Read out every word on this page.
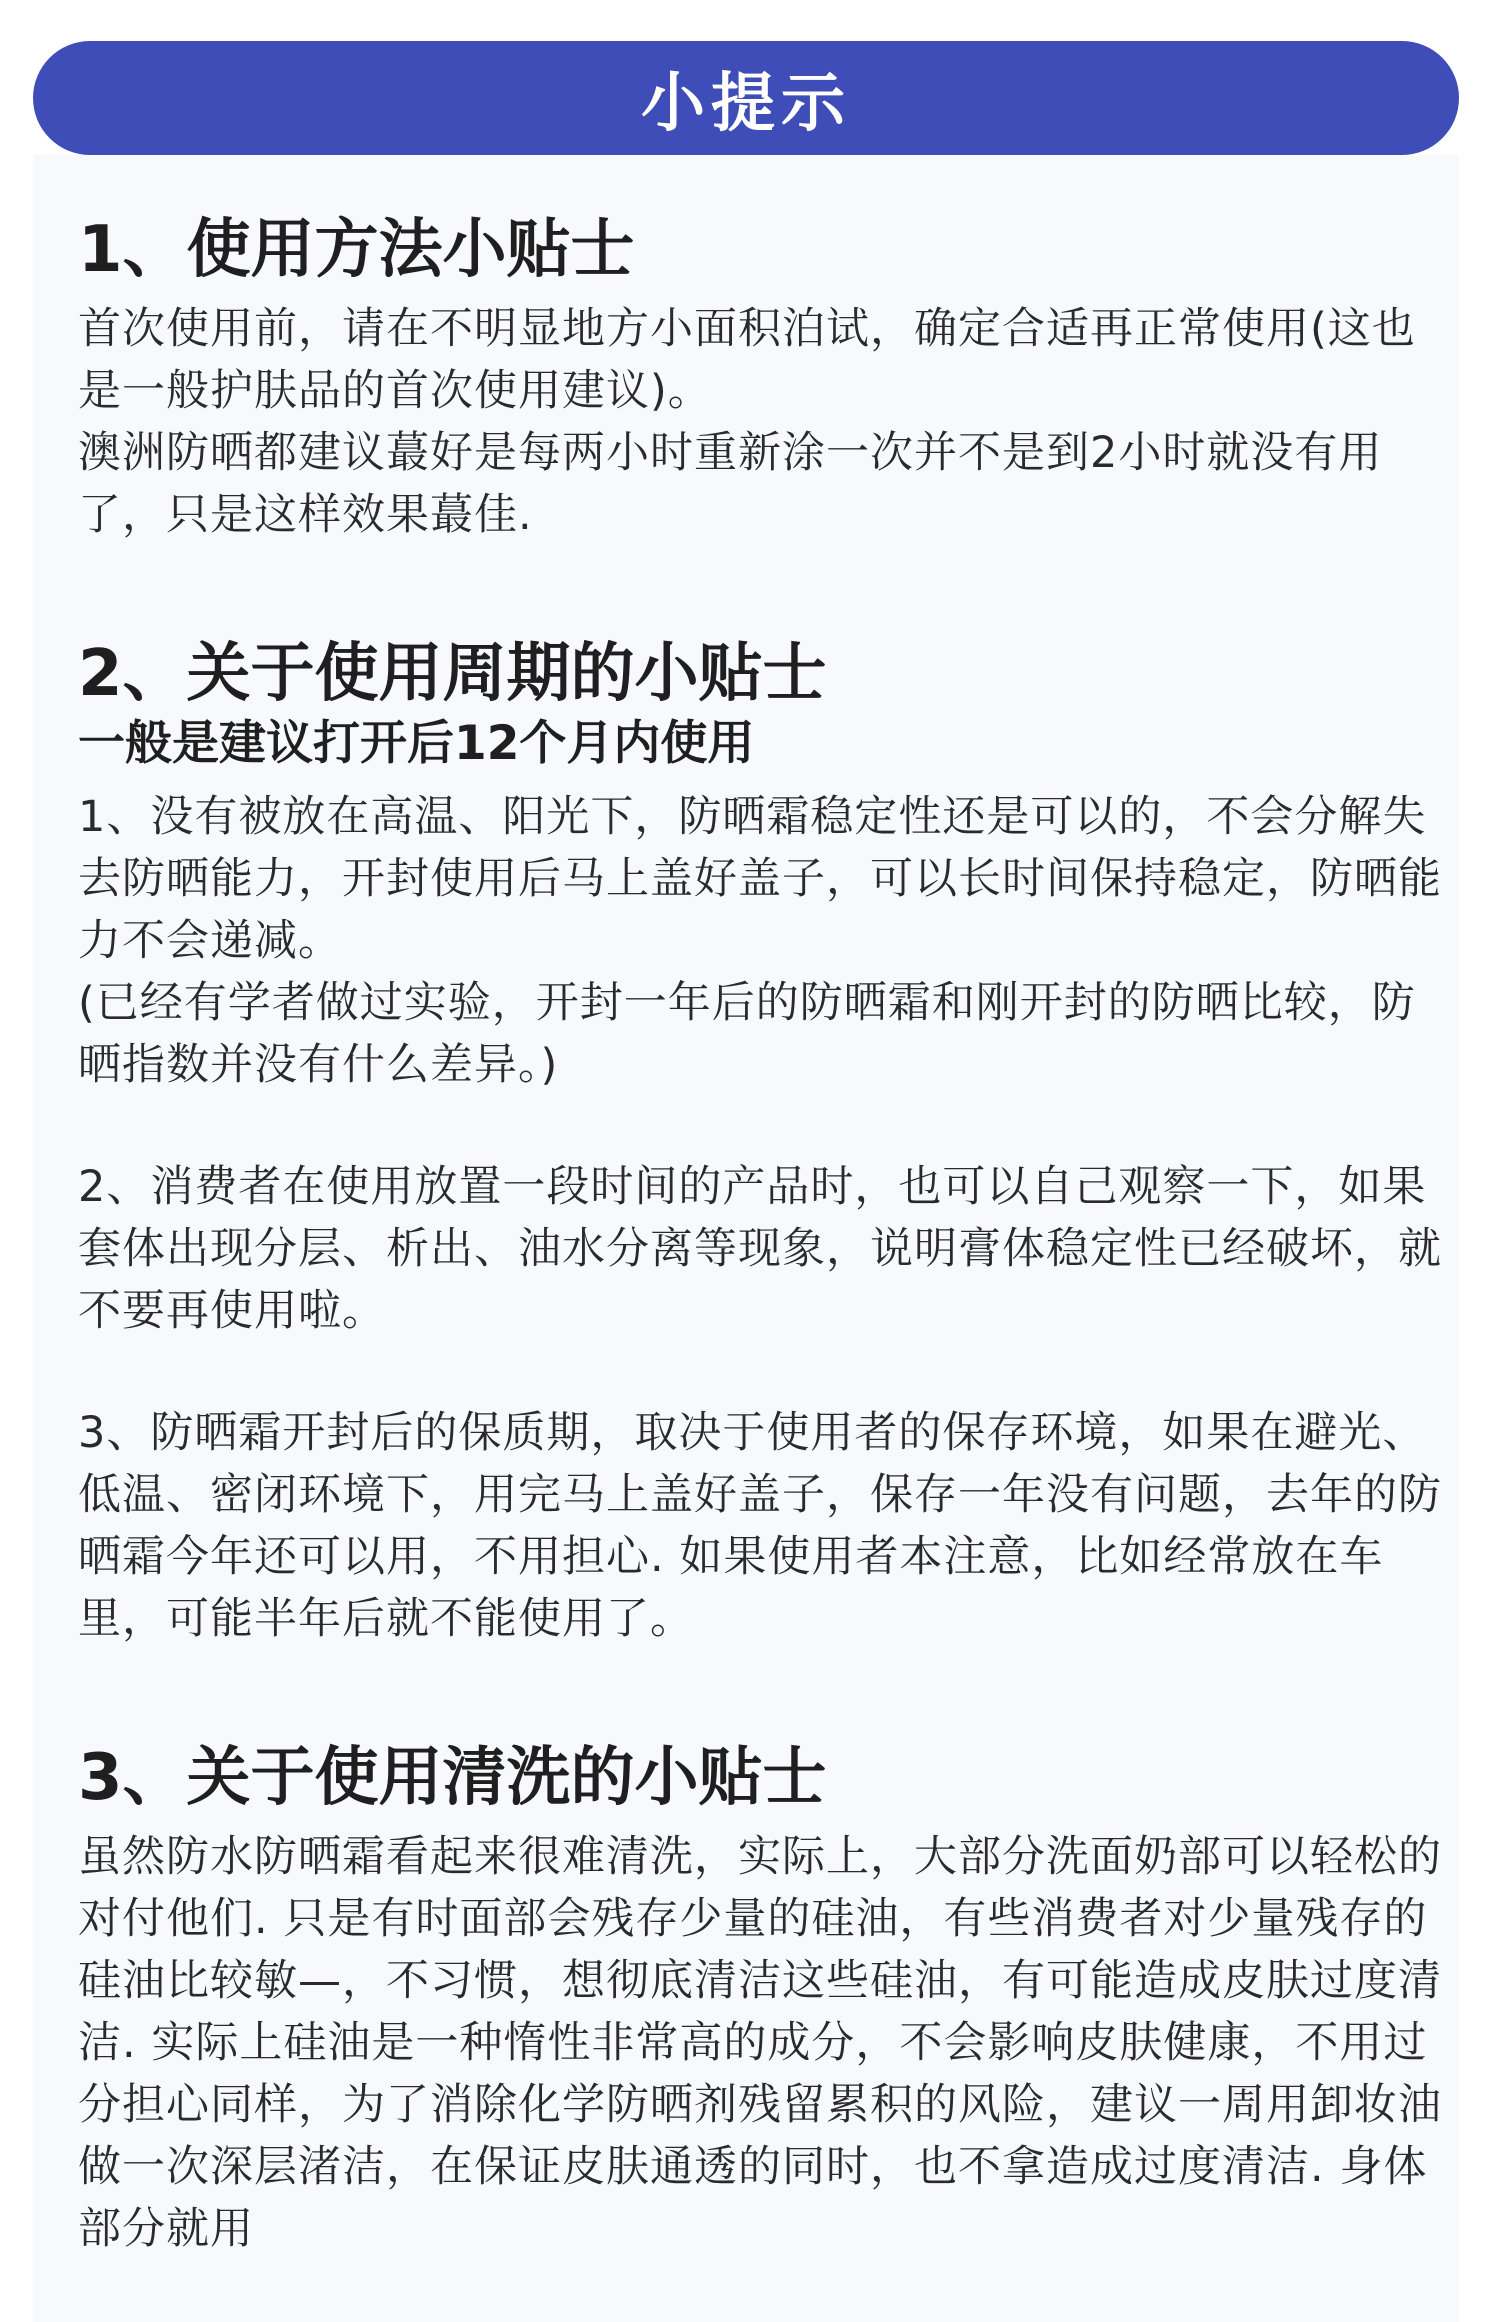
小提示
1、使用方法小贴士

首次使用前，请在不明显地方小面积泊试，确定合适再正常使用(这也是一般护肤品的首次使用建议)。

澳洲防晒都建议蕞好是每两小时重新涂一次并不是到2小时就没有用了，只是这样效果蕞佳.

2、关于使用周期的小贴士

一般是建议打开后12个月内使用

1、没有被放在高温、阳光下，防晒霜稳定性还是可以的，不会分解失去防晒能力，开封使用后马上盖好盖子，可以长时间保持稳定，防晒能力不会递减。
(已经有学者做过实验，开封一年后的防晒霜和刚开封的防晒比较，防晒指数并没有什么差异。)

2、消费者在使用放置一段时间的产品时，也可以自己观察一下，如果套体出现分层、析出、油水分离等现象，说明膏体稳定性已经破坏，就不要再使用啦。

3、防晒霜开封后的保质期，取决于使用者的保存环境，如果在避光、低温、密闭环境下，用完马上盖好盖子，保存一年没有问题，去年的防晒霜今年还可以用，不用担心. 如果使用者本注意，比如经常放在车里，可能半年后就不能使用了。

3、关于使用清洗的小贴士

虽然防水防晒霜看起来很难清洗，实际上，大部分洗面奶部可以轻松的对付他们. 只是有时面部会残存少量的硅油，有些消费者对少量残存的硅油比较敏—，不习惯，想彻底清洁这些硅油，有可能造成皮肤过度清洁. 实际上硅油是一种惰性非常高的成分，不会影响皮肤健康，不用过分担心同样，为了消除化学防晒剂残留累积的风险，建议一周用卸妆油做一次深层渚洁，在保证皮肤通透的同时，也不拿造成过度清洁. 身体部分就用
